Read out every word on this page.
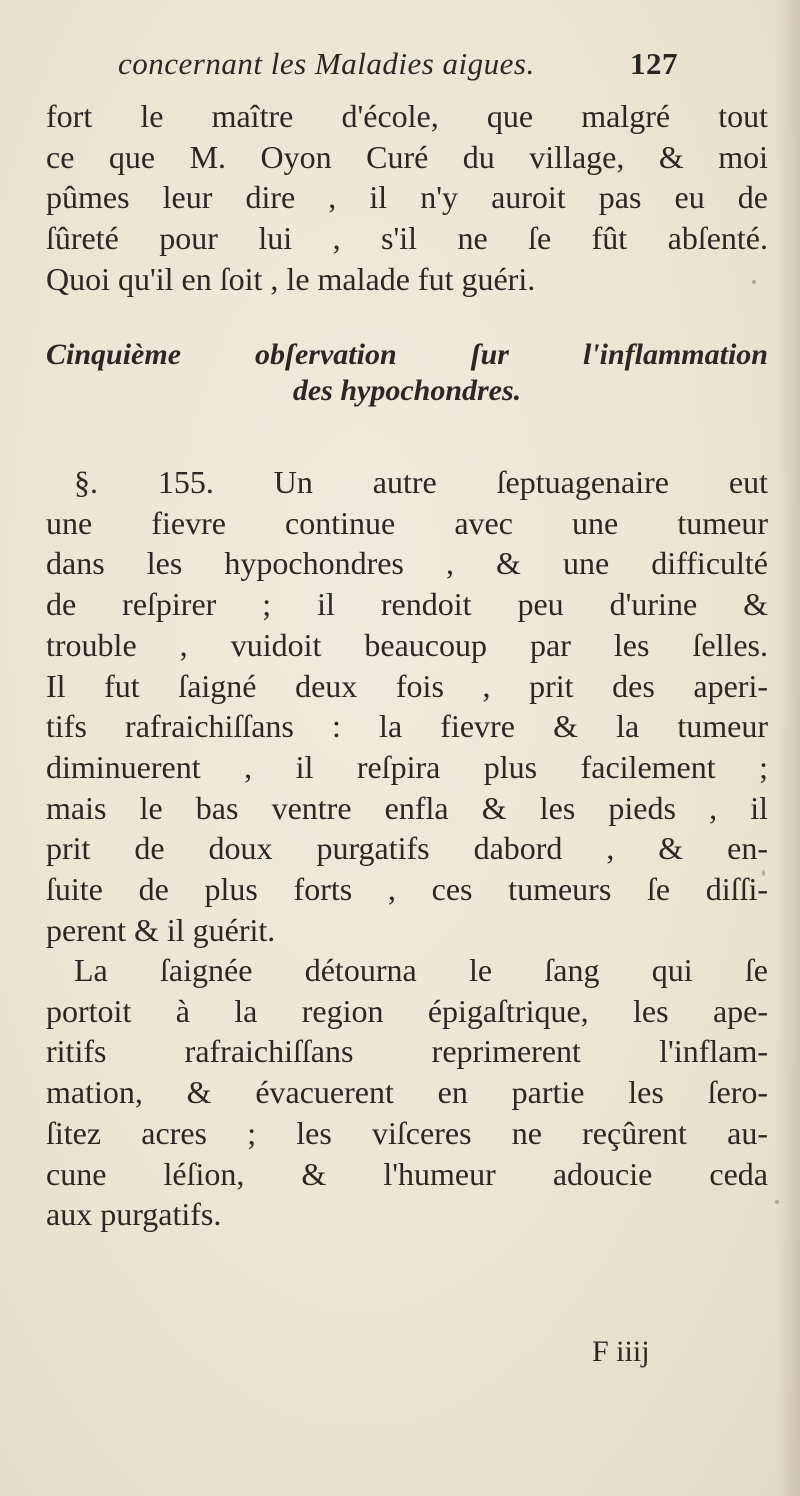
concernant les Maladies aigues.	127
fort le maître d'école, que malgré tout
ce que M. Oyon Curé du village, & moi
pûmes leur dire , il n'y auroit pas eu de
ſûreté pour lui , s'il ne ſe fût abſenté.
Quoi qu'il en ſoit , le malade fut guéri.
Cinquième obſervation ſur l'inflammation
des hypochondres.
§. 155. Un autre ſeptuagenaire eut
une fievre continue avec une tumeur
dans les hypochondres , & une difficulté
de reſpirer ; il rendoit peu d'urine &
trouble , vuidoit beaucoup par les ſelles.
Il fut ſaigné deux fois , prit des aperi-
tifs rafraichiſſans : la fievre & la tumeur
diminuerent , il reſpira plus facilement ;
mais le bas ventre enfla & les pieds , il
prit de doux purgatifs dabord , & en-
ſuite de plus forts , ces tumeurs ſe diſſi-
perent & il guérit.
La ſaignée détourna le ſang qui ſe
portoit à la region épigaſtrique, les ape-
ritifs rafraichiſſans reprimerent l'inflam-
mation, & évacuerent en partie les ſero-
ſitez acres ; les viſceres ne reçûrent au-
cune léſion, & l'humeur adoucie ceda
aux purgatifs.
F iiij
